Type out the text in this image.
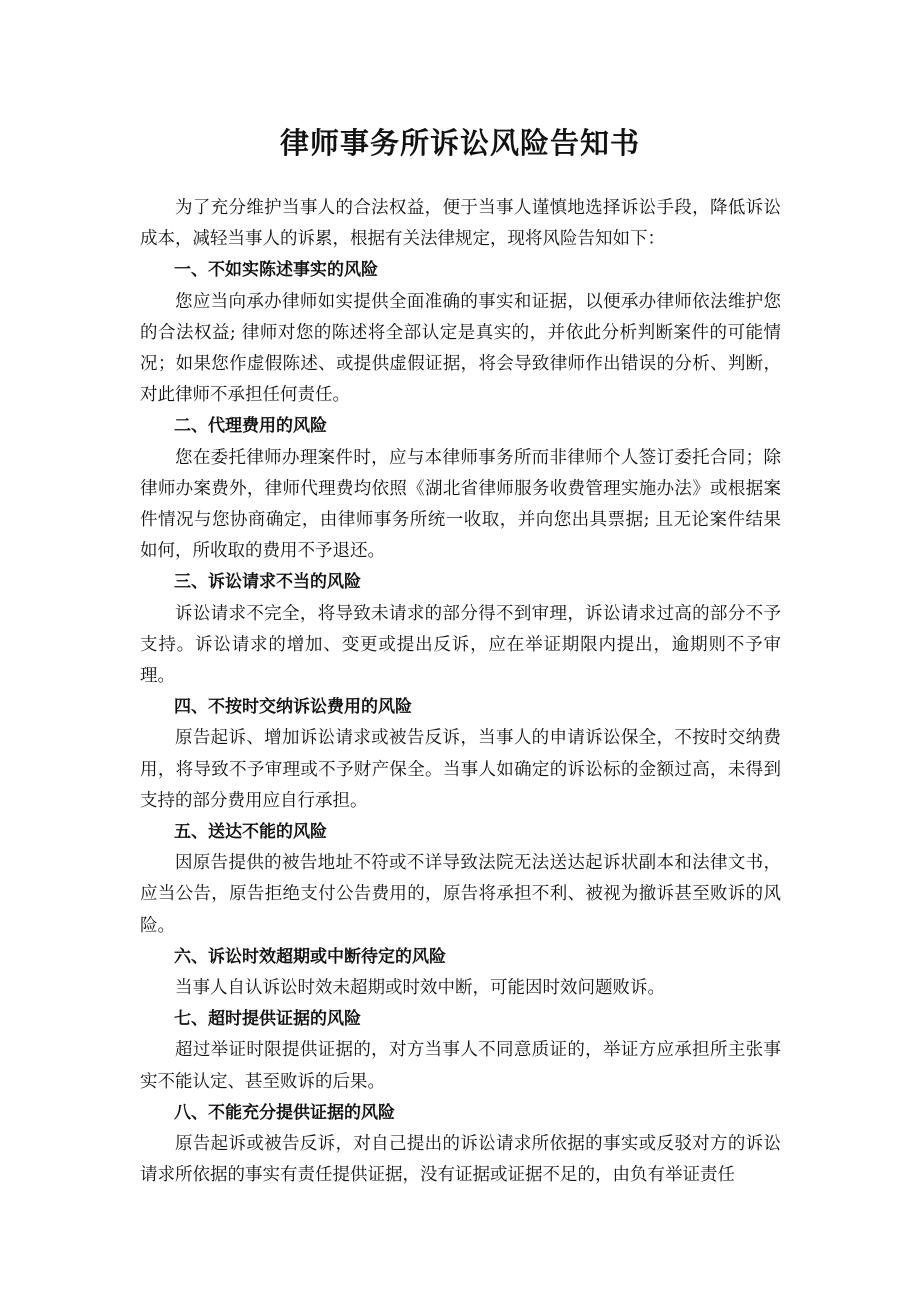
律师事务所诉讼风险告知书

为了充分维护当事人的合法权益，便于当事人谨慎地选择诉讼手段，降低诉讼成本，减轻当事人的诉累，根据有关法律规定，现将风险告知如下：

一、不如实陈述事实的风险

您应当向承办律师如实提供全面准确的事实和证据，以便承办律师依法维护您的合法权益; 律师对您的陈述将全部认定是真实的，并依此分析判断案件的可能情况；如果您作虚假陈述、或提供虚假证据，将会导致律师作出错误的分析、判断，对此律师不承担任何责任。

二、代理费用的风险

您在委托律师办理案件时，应与本律师事务所而非律师个人签订委托合同；除律师办案费外，律师代理费均依照《湖北省律师服务收费管理实施办法》或根据案件情况与您协商确定，由律师事务所统一收取，并向您出具票据; 且无论案件结果如何，所收取的费用不予退还。

三、诉讼请求不当的风险

诉讼请求不完全，将导致未请求的部分得不到审理，诉讼请求过高的部分不予支持。诉讼请求的增加、变更或提出反诉，应在举证期限内提出，逾期则不予审理。

四、不按时交纳诉讼费用的风险

原告起诉、增加诉讼请求或被告反诉，当事人的申请诉讼保全，不按时交纳费用，将导致不予审理或不予财产保全。当事人如确定的诉讼标的金额过高，未得到支持的部分费用应自行承担。

五、送达不能的风险

因原告提供的被告地址不符或不详导致法院无法送达起诉状副本和法律文书，应当公告，原告拒绝支付公告费用的，原告将承担不利、被视为撤诉甚至败诉的风险。

六、诉讼时效超期或中断待定的风险

当事人自认诉讼时效未超期或时效中断，可能因时效问题败诉。

七、超时提供证据的风险

超过举证时限提供证据的，对方当事人不同意质证的，举证方应承担所主张事实不能认定、甚至败诉的后果。

八、不能充分提供证据的风险

原告起诉或被告反诉，对自己提出的诉讼请求所依据的事实或反驳对方的诉讼请求所依据的事实有责任提供证据，没有证据或证据不足的，由负有举证责任
